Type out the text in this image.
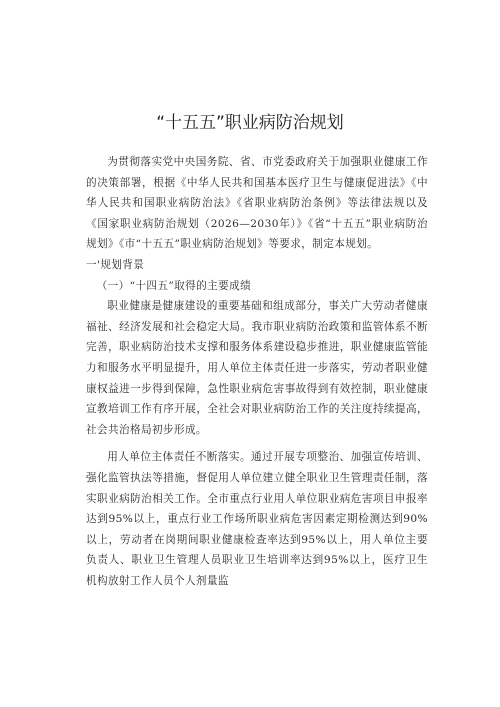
“十五五”职业病防治规划

为贯彻落实党中央国务院、省、市党委政府关于加强职业健康工作的决策部署，根据《中华人民共和国基本医疗卫生与健康促进法》《中华人民共和国职业病防治法》《省职业病防治条例》等法律法规以及《国家职业病防治规划（2026—2030年）》《省“十五五”职业病防治规划》《市“十五五”职业病防治规划》等要求，制定本规划。

一'规划背景

（一）“十四五”取得的主要成绩

职业健康是健康建设的重要基础和组成部分，事关广大劳动者健康福祉、经济发展和社会稳定大局。我市职业病防治政策和监管体系不断完善，职业病防治技术支撑和服务体系建设稳步推进，职业健康监管能力和服务水平明显提升，用人单位主体责任进一步落实，劳动者职业健康权益进一步得到保障，急性职业病危害事故得到有效控制，职业健康宣教培训工作有序开展，全社会对职业病防治工作的关注度持续提高，社会共治格局初步形成。

用人单位主体责任不断落实。通过开展专项整治、加强宣传培训、强化监管执法等措施，督促用人单位建立健全职业卫生管理责任制，落实职业病防治相关工作。全市重点行业用人单位职业病危害项目申报率达到95%以上，重点行业工作场所职业病危害因素定期检测达到90%以上，劳动者在岗期间职业健康检查率达到95%以上，用人单位主要负责人、职业卫生管理人员职业卫生培训率达到95%以上，医疗卫生机构放射工作人员个人剂量监
